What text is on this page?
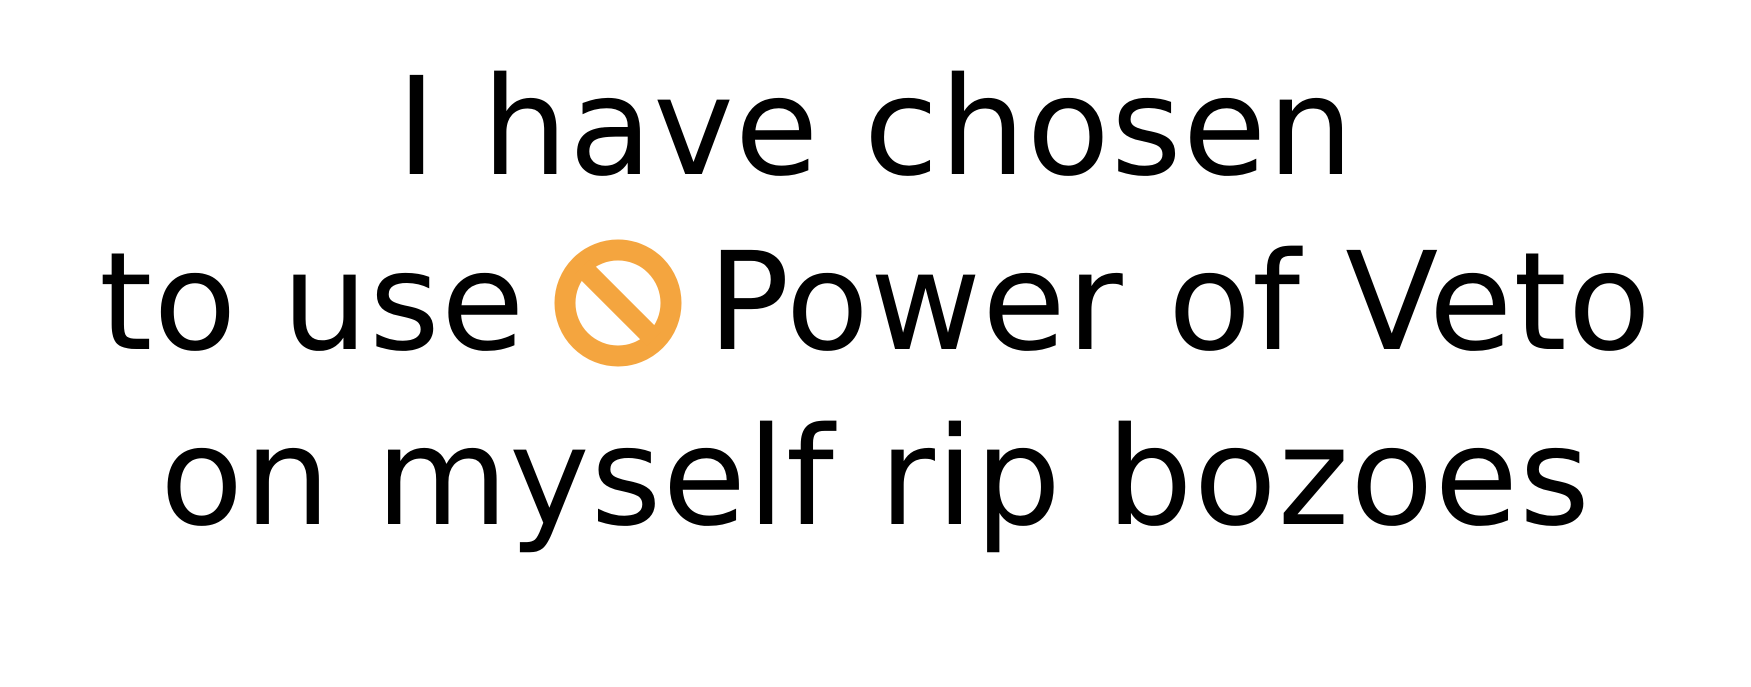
I have chosen
to use Power of Veto
on myself rip bozoes
